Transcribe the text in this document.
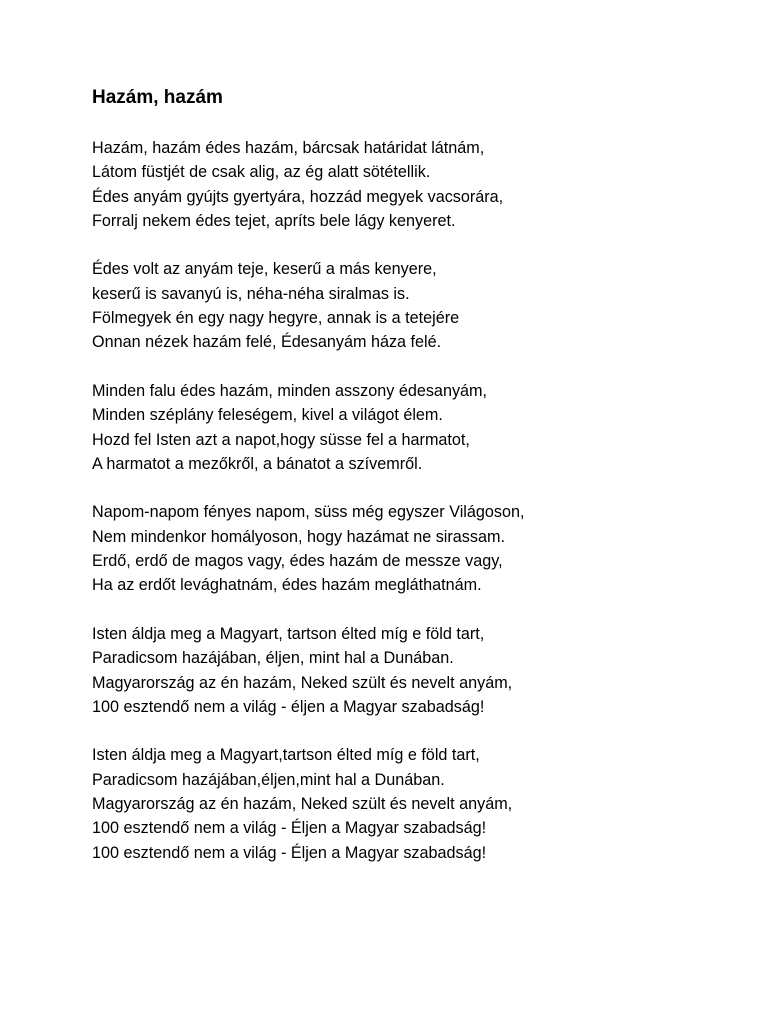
Hazám, hazám
Hazám, hazám édes hazám, bárcsak határidat látnám,
Látom füstjét de csak alig, az ég alatt sötétellik.
Édes anyám gyújts gyertyára, hozzád megyek vacsorára,
Forralj nekem édes tejet, apríts bele lágy kenyeret.
Édes volt az anyám teje, keserű a más kenyere,
keserű is savanyú is, néha-néha siralmas is.
Fölmegyek én egy nagy hegyre, annak is a tetejére
Onnan nézek hazám felé, Édesanyám háza felé.
Minden falu édes hazám, minden asszony édesanyám,
Minden széplány feleségem, kivel a világot élem.
Hozd fel Isten azt a napot,hogy süsse fel a harmatot,
A harmatot a mezőkről, a bánatot a szívemről.
Napom-napom fényes napom, süss még egyszer Világoson,
Nem mindenkor homályoson, hogy hazámat ne sirassam.
Erdő, erdő de magos vagy, édes hazám de messze vagy,
Ha az erdőt levághatnám, édes hazám megláthatnám.
Isten áldja meg a Magyart, tartson élted míg e föld tart,
Paradicsom hazájában, éljen, mint hal a Dunában.
Magyarország az én hazám, Neked szült és nevelt anyám,
100 esztendő nem a világ - éljen a Magyar szabadság!
Isten áldja meg a Magyart,tartson élted míg e föld tart,
Paradicsom hazájában,éljen,mint hal a Dunában.
Magyarország az én hazám, Neked szült és nevelt anyám,
100 esztendő nem a világ - Éljen a Magyar szabadság!
100 esztendő nem a világ - Éljen a Magyar szabadság!
